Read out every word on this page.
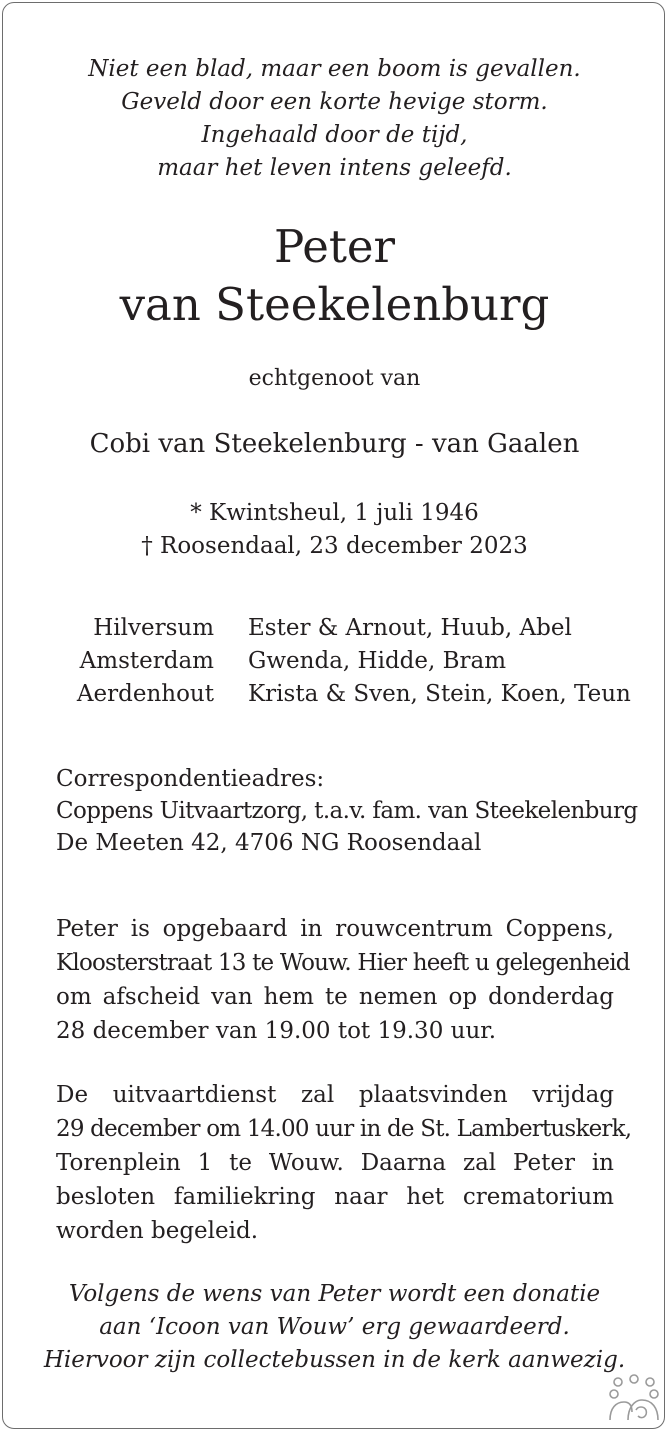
Niet een blad, maar een boom is gevallen.
Geveld door een korte hevige storm.
Ingehaald door de tijd,
maar het leven intens geleefd.
Peter
van Steekelenburg
echtgenoot van
Cobi van Steekelenburg - van Gaalen
* Kwintsheul, 1 juli 1946
† Roosendaal, 23 december 2023
Hilversum Ester & Arnout, Huub, Abel
Amsterdam Gwenda, Hidde, Bram
Aerdenhout Krista & Sven, Stein, Koen, Teun
Correspondentieadres:
Coppens Uitvaartzorg, t.a.v. fam. van Steekelenburg
De Meeten 42, 4706 NG Roosendaal
Peter is opgebaard in rouwcentrum Coppens,
Kloosterstraat 13 te Wouw. Hier heeft u gelegenheid
om afscheid van hem te nemen op donderdag
28 december van 19.00 tot 19.30 uur.
De uitvaartdienst zal plaatsvinden vrijdag
29 december om 14.00 uur in de St. Lambertuskerk,
Torenplein 1 te Wouw. Daarna zal Peter in
besloten familiekring naar het crematorium
worden begeleid.
Volgens de wens van Peter wordt een donatie
aan ‘Icoon van Wouw’ erg gewaardeerd.
Hiervoor zijn collectebussen in de kerk aanwezig.
